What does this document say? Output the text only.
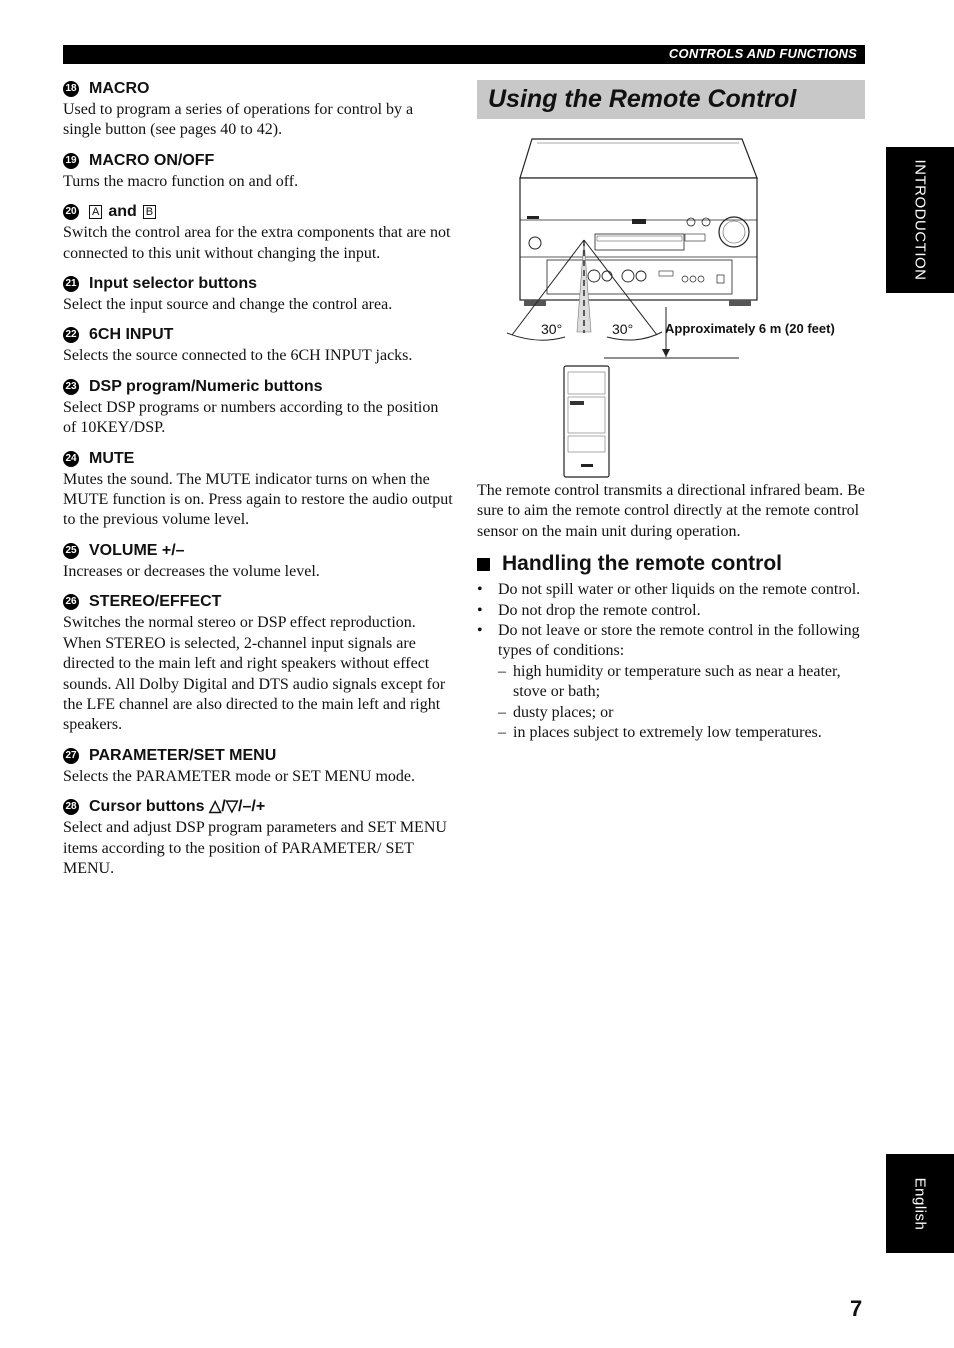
CONTROLS AND FUNCTIONS
18 MACRO
Used to program a series of operations for control by a single button (see pages 40 to 42).
19 MACRO ON/OFF
Turns the macro function on and off.
20 A and B
Switch the control area for the extra components that are not connected to this unit without changing the input.
21 Input selector buttons
Select the input source and change the control area.
22 6CH INPUT
Selects the source connected to the 6CH INPUT jacks.
23 DSP program/Numeric buttons
Select DSP programs or numbers according to the position of 10KEY/DSP.
24 MUTE
Mutes the sound. The MUTE indicator turns on when the MUTE function is on. Press again to restore the audio output to the previous volume level.
25 VOLUME +/–
Increases or decreases the volume level.
26 STEREO/EFFECT
Switches the normal stereo or DSP effect reproduction. When STEREO is selected, 2-channel input signals are directed to the main left and right speakers without effect sounds. All Dolby Digital and DTS audio signals except for the LFE channel are also directed to the main left and right speakers.
27 PARAMETER/SET MENU
Selects the PARAMETER mode or SET MENU mode.
28 Cursor buttons △/▽/–/+
Select and adjust DSP program parameters and SET MENU items according to the position of PARAMETER/ SET MENU.
Using the Remote Control
30°	30° Approximately 6 m (20 feet)
The remote control transmits a directional infrared beam. Be sure to aim the remote control directly at the remote control sensor on the main unit during operation.
Handling the remote control
• Do not spill water or other liquids on the remote control.
• Do not drop the remote control.
• Do not leave or store the remote control in the following types of conditions:
– high humidity or temperature such as near a heater, stove or bath;
– dusty places; or
– in places subject to extremely low temperatures.
INTRODUCTION
English
7
